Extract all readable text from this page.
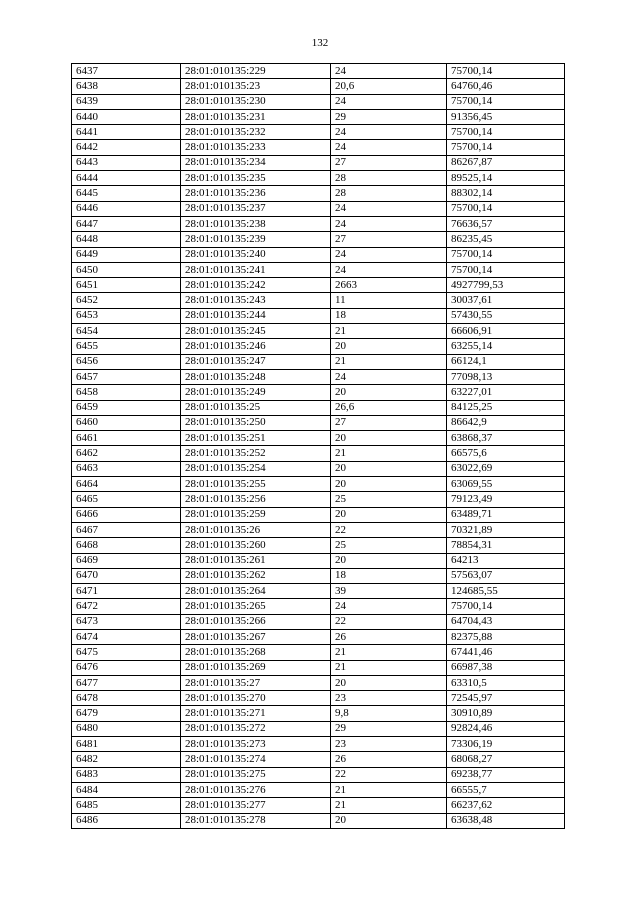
132
6437	28:01:010135:229	24	75700,14
6438	28:01:010135:23	20,6	64760,46
6439	28:01:010135:230	24	75700,14
6440	28:01:010135:231	29	91356,45
6441	28:01:010135:232	24	75700,14
6442	28:01:010135:233	24	75700,14
6443	28:01:010135:234	27	86267,87
6444	28:01:010135:235	28	89525,14
6445	28:01:010135:236	28	88302,14
6446	28:01:010135:237	24	75700,14
6447	28:01:010135:238	24	76636,57
6448	28:01:010135:239	27	86235,45
6449	28:01:010135:240	24	75700,14
6450	28:01:010135:241	24	75700,14
6451	28:01:010135:242	2663	4927799,53
6452	28:01:010135:243	11	30037,61
6453	28:01:010135:244	18	57430,55
6454	28:01:010135:245	21	66606,91
6455	28:01:010135:246	20	63255,14
6456	28:01:010135:247	21	66124,1
6457	28:01:010135:248	24	77098,13
6458	28:01:010135:249	20	63227,01
6459	28:01:010135:25	26,6	84125,25
6460	28:01:010135:250	27	86642,9
6461	28:01:010135:251	20	63868,37
6462	28:01:010135:252	21	66575,6
6463	28:01:010135:254	20	63022,69
6464	28:01:010135:255	20	63069,55
6465	28:01:010135:256	25	79123,49
6466	28:01:010135:259	20	63489,71
6467	28:01:010135:26	22	70321,89
6468	28:01:010135:260	25	78854,31
6469	28:01:010135:261	20	64213
6470	28:01:010135:262	18	57563,07
6471	28:01:010135:264	39	124685,55
6472	28:01:010135:265	24	75700,14
6473	28:01:010135:266	22	64704,43
6474	28:01:010135:267	26	82375,88
6475	28:01:010135:268	21	67441,46
6476	28:01:010135:269	21	66987,38
6477	28:01:010135:27	20	63310,5
6478	28:01:010135:270	23	72545,97
6479	28:01:010135:271	9,8	30910,89
6480	28:01:010135:272	29	92824,46
6481	28:01:010135:273	23	73306,19
6482	28:01:010135:274	26	68068,27
6483	28:01:010135:275	22	69238,77
6484	28:01:010135:276	21	66555,7
6485	28:01:010135:277	21	66237,62
6486	28:01:010135:278	20	63638,48
